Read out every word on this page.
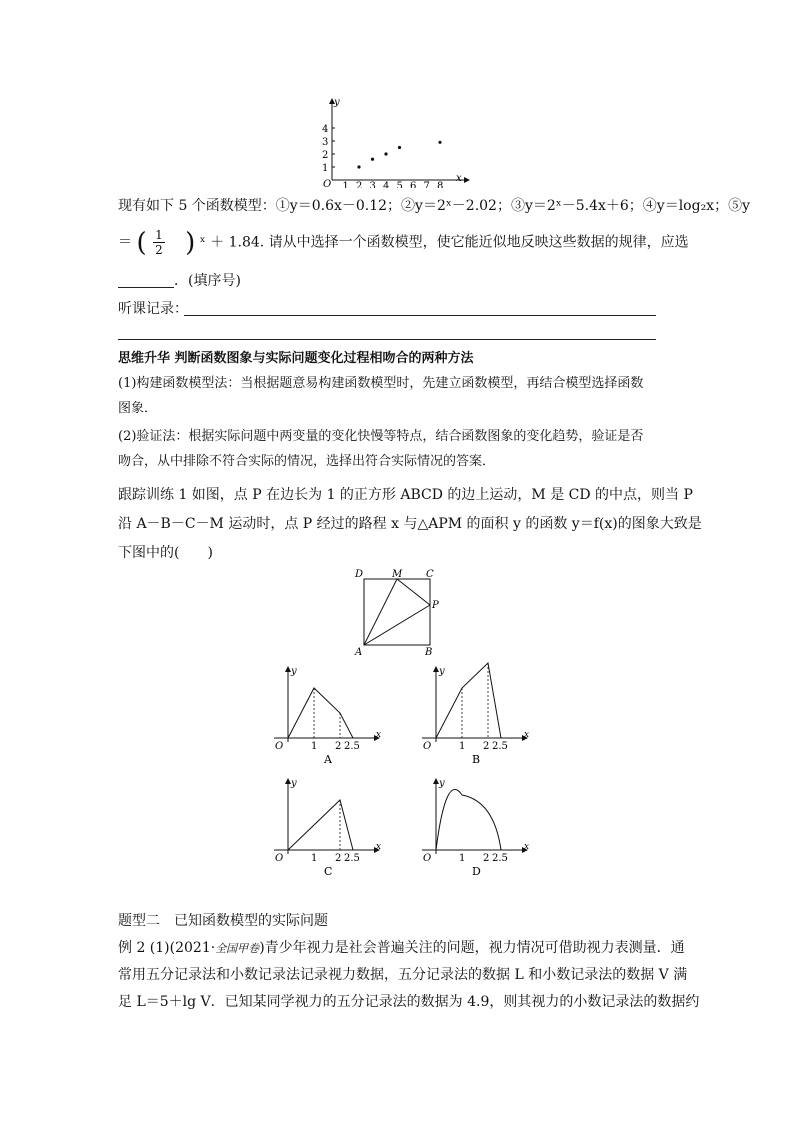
y
x
O 1 2 3 4 5 6 7 8
1
2
3
4
现有如下 5 个函数模型：①y＝0.6x－0.12；②y＝2ˣ－2.02；③y＝2ˣ－5.4x＋6；④y＝log₂x；⑤y
＝ ( $\frac{1}{2}$ ) ˣ ＋ 1.84. 请从中选择一个函数模型，使它能近似地反映这些数据的规律，应选
．(填序号)
听课记录：
思维升华 判断函数图象与实际问题变化过程相吻合的两种方法
(1)构建函数模型法：当根据题意易构建函数模型时，先建立函数模型，再结合模型选择函数
图象．
(2)验证法：根据实际问题中两变量的变化快慢等特点，结合函数图象的变化趋势，验证是否
吻合，从中排除不符合实际的情况，选择出符合实际情况的答案．
跟踪训练 1 如图，点 P 在边长为 1 的正方形 ABCD 的边上运动，M 是 CD 的中点，则当 P
沿 A－B－C－M 运动时，点 P 经过的路程 x 与△APM 的面积 y 的函数 y＝f(x)的图象大致是
下图中的(　　)
D	M C
P
A	B
y
x
O	1 2 2.5
A
y
x
O	1 2 2.5
B
y
x
O	1 2 2.5
C
y
x
O	1 2 2.5
D
题型二　已知函数模型的实际问题
例 2 (1)(2021·全国甲卷)青少年视力是社会普遍关注的问题，视力情况可借助视力表测量．通
常用五分记录法和小数记录法记录视力数据，五分记录法的数据 L 和小数记录法的数据 V 满
足 L＝5＋lg V．已知某同学视力的五分记录法的数据为 4.9，则其视力的小数记录法的数据约
